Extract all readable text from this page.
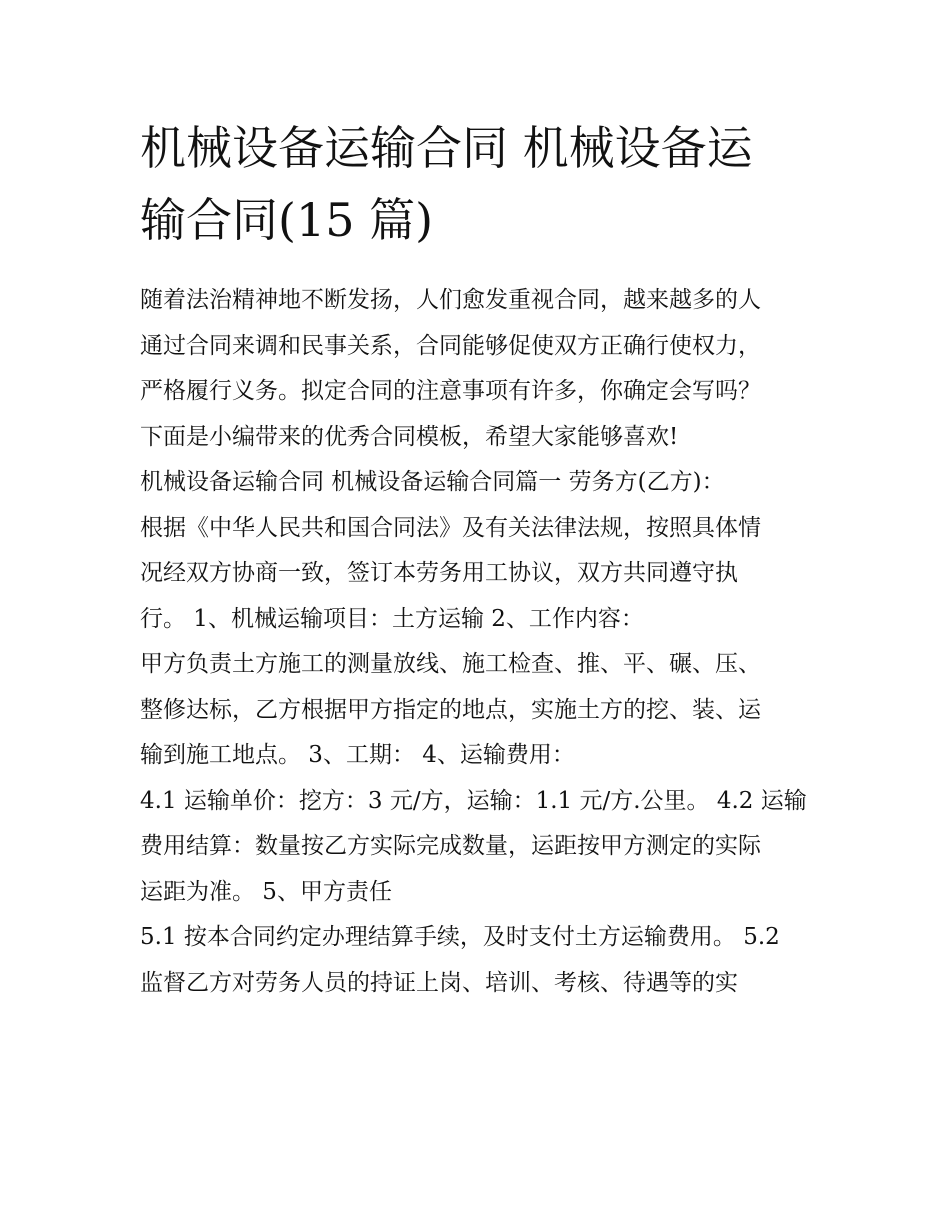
机械设备运输合同 机械设备运
输合同(15 篇)
随着法治精神地不断发扬，人们愈发重视合同，越来越多的人
通过合同来调和民事关系，合同能够促使双方正确行使权力，
严格履行义务。拟定合同的注意事项有许多，你确定会写吗？
下面是小编带来的优秀合同模板，希望大家能够喜欢!
机械设备运输合同 机械设备运输合同篇一 劳务方(乙方)：
根据《中华人民共和国合同法》及有关法律法规，按照具体情
况经双方协商一致，签订本劳务用工协议，双方共同遵守执
行。 1、机械运输项目：土方运输 2、工作内容：
甲方负责土方施工的测量放线、施工检查、推、平、碾、压、
整修达标，乙方根据甲方指定的地点，实施土方的挖、装、运
输到施工地点。 3、工期： 4、运输费用：
4.1 运输单价：挖方：3 元/方，运输：1.1 元/方.公里。 4.2 运输
费用结算：数量按乙方实际完成数量，运距按甲方测定的实际
运距为准。 5、甲方责任
5.1 按本合同约定办理结算手续，及时支付土方运输费用。 5.2
监督乙方对劳务人员的持证上岗、培训、考核、待遇等的实
